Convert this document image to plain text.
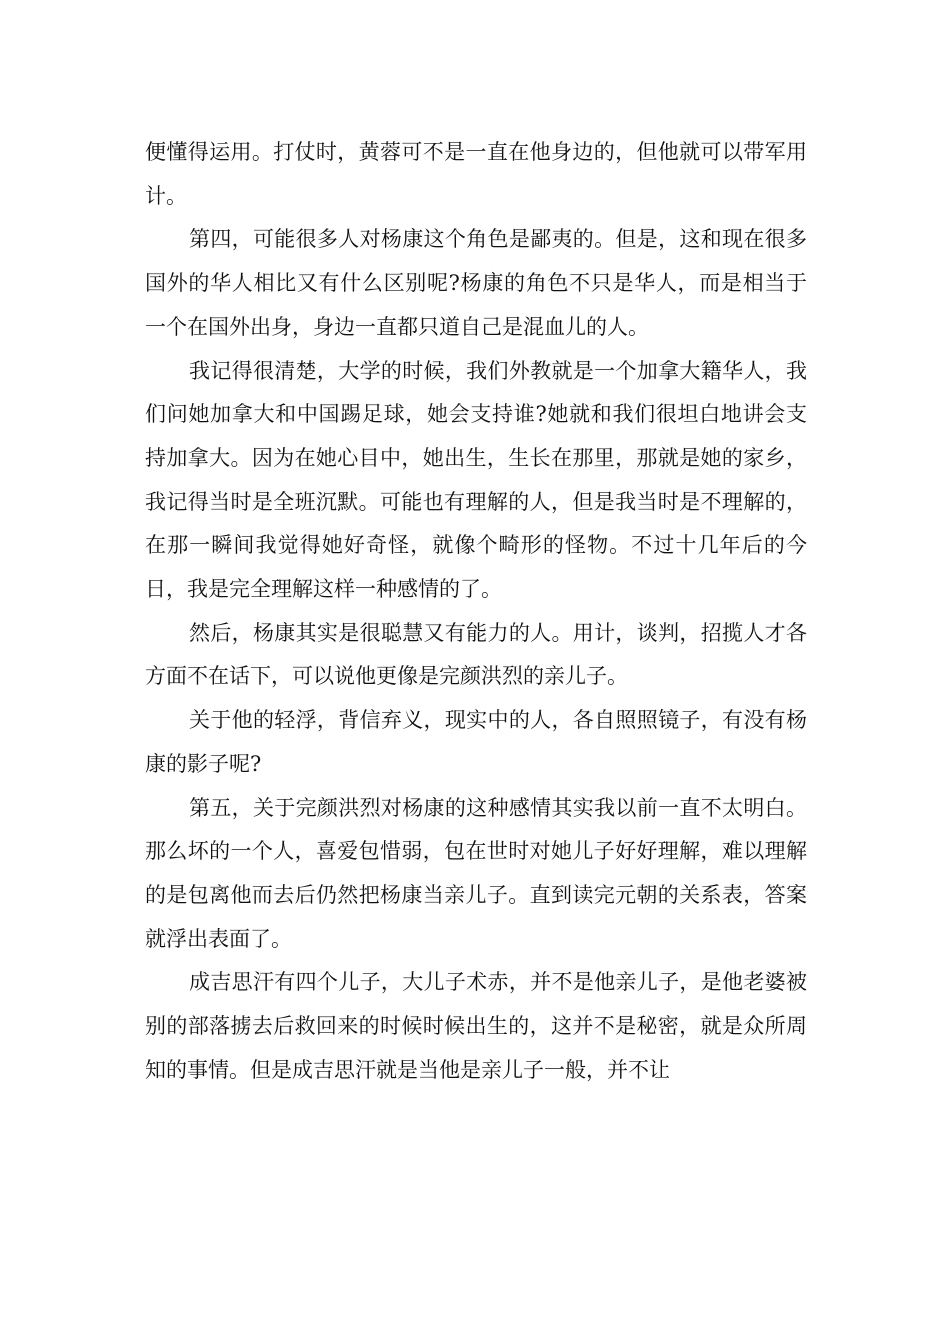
便懂得运用。打仗时，黄蓉可不是一直在他身边的，但他就可以带军用计。

第四，可能很多人对杨康这个角色是鄙夷的。但是，这和现在很多国外的华人相比又有什么区别呢?杨康的角色不只是华人，而是相当于一个在国外出身，身边一直都只道自己是混血儿的人。

我记得很清楚，大学的时候，我们外教就是一个加拿大籍华人，我们问她加拿大和中国踢足球，她会支持谁?她就和我们很坦白地讲会支持加拿大。因为在她心目中，她出生，生长在那里，那就是她的家乡，我记得当时是全班沉默。可能也有理解的人，但是我当时是不理解的，在那一瞬间我觉得她好奇怪，就像个畸形的怪物。不过十几年后的今日，我是完全理解这样一种感情的了。

然后，杨康其实是很聪慧又有能力的人。用计，谈判，招揽人才各方面不在话下，可以说他更像是完颜洪烈的亲儿子。

关于他的轻浮，背信弃义，现实中的人，各自照照镜子，有没有杨康的影子呢?

第五，关于完颜洪烈对杨康的这种感情其实我以前一直不太明白。那么坏的一个人，喜爱包惜弱，包在世时对她儿子好好理解，难以理解的是包离他而去后仍然把杨康当亲儿子。直到读完元朝的关系表，答案就浮出表面了。

成吉思汗有四个儿子，大儿子术赤，并不是他亲儿子，是他老婆被别的部落掳去后救回来的时候时候出生的，这并不是秘密，就是众所周知的事情。但是成吉思汗就是当他是亲儿子一般，并不让
